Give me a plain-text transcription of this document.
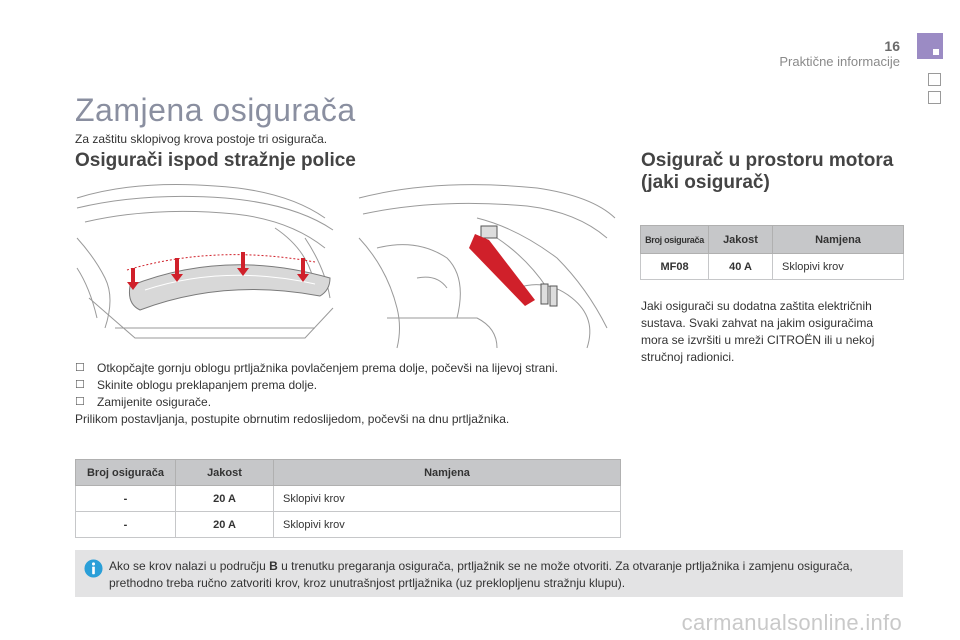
16
Praktične informacije
Zamjena osigurača
Za zaštitu sklopivog krova postoje tri osigurača.
Osigurači ispod stražnje police	Osigurač u prostoru motora (jaki osigurač)
☐	Otkopčajte gornju oblogu prtljažnika povlačenjem prema dolje, počevši na lijevoj strani.
☐	Skinite oblogu preklapanjem prema dolje.
☐	Zamijenite osigurače.
Prilikom postavljanja, postupite obrnutim redoslijedom, počevši na dnu prtljažnika.
Broj osigurača	Jakost	Namjena
-	20 A	Sklopivi krov
-	20 A	Sklopivi krov
Broj osigurača	Jakost	Namjena
MF08	40 A	Sklopivi krov
Jaki osigurači su dodatna zaštita električnih sustava. Svaki zahvat na jakim osiguračima mora se izvršiti u mreži CITROËN ili u nekoj stručnoj radionici.
Ako se krov nalazi u području B u trenutku pregaranja osigurača, prtljažnik se ne može otvoriti. Za otvaranje prtljažnika i zamjenu osigurača, prethodno treba ručno zatvoriti krov, kroz unutrašnjost prtljažnika (uz preklopljenu stražnju klupu).
carmanualsonline.info
